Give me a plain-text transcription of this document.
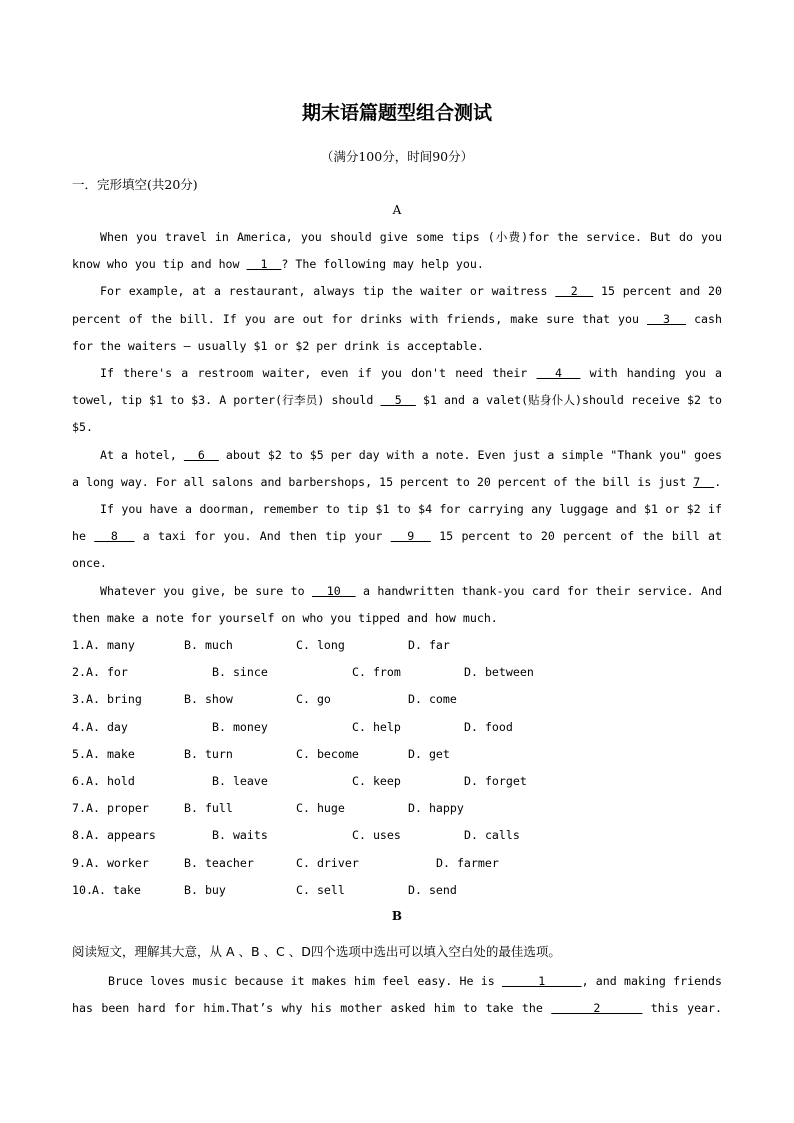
期末语篇题型组合测试
（满分100分，时间90分）
一．完形填空(共20分)
A

When you travel in America, you should give some tips (小费)for the service. But do you know who you tip and how   1  ? The following may help you.

For example, at a restaurant, always tip the waiter or waitress   2   15 percent and 20 percent of the bill. If you are out for drinks with friends, make sure that you   3   cash for the waiters — usually $1 or $2 per drink is acceptable.

If there's a restroom waiter, even if you don't need their   4   with handing you a towel, tip $1 to $3. A porter(行李员) should   5   $1 and a valet(贴身仆人)should receive $2 to $5.

At a hotel,   6   about $2 to $5 per day with a note. Even just a simple "Thank you" goes a long way. For all salons and barbershops, 15 percent to 20 percent of the bill is just 7  .

If you have a doorman, remember to tip $1 to $4 for carrying any luggage and $1 or $2 if he   8   a taxi for you. And then tip your   9   15 percent to 20 percent of the bill at once.

Whatever you give, be sure to   10   a handwritten thank-you card for their service. And then make a note for yourself on who you tipped and how much.

1. A. many	B. much	C. long	D. far
2. A. for	B. since	C. from	D. between
3. A. bring	B. show	C. go	D. come
4. A. day	B. money	C. help	D. food
5. A. make	B. turn	C. become	D. get
6. A. hold	B. leave	C. keep	D. forget
7. A. proper	B. full	C. huge	D. happy
8. A. appears	B. waits	C. uses	D. calls
9. A. worker	B. teacher	C. driver	D. farmer
10. A. take	B. buy	C. sell	D. send
B
阅读短文，理解其大意，从 A 、B 、C 、D四个选项中选出可以填入空白处的最佳选项。

Bruce loves music because it makes him feel easy. He is      1     , and making friends has been hard for him.That’s why his mother asked him to take the      2      this year.
